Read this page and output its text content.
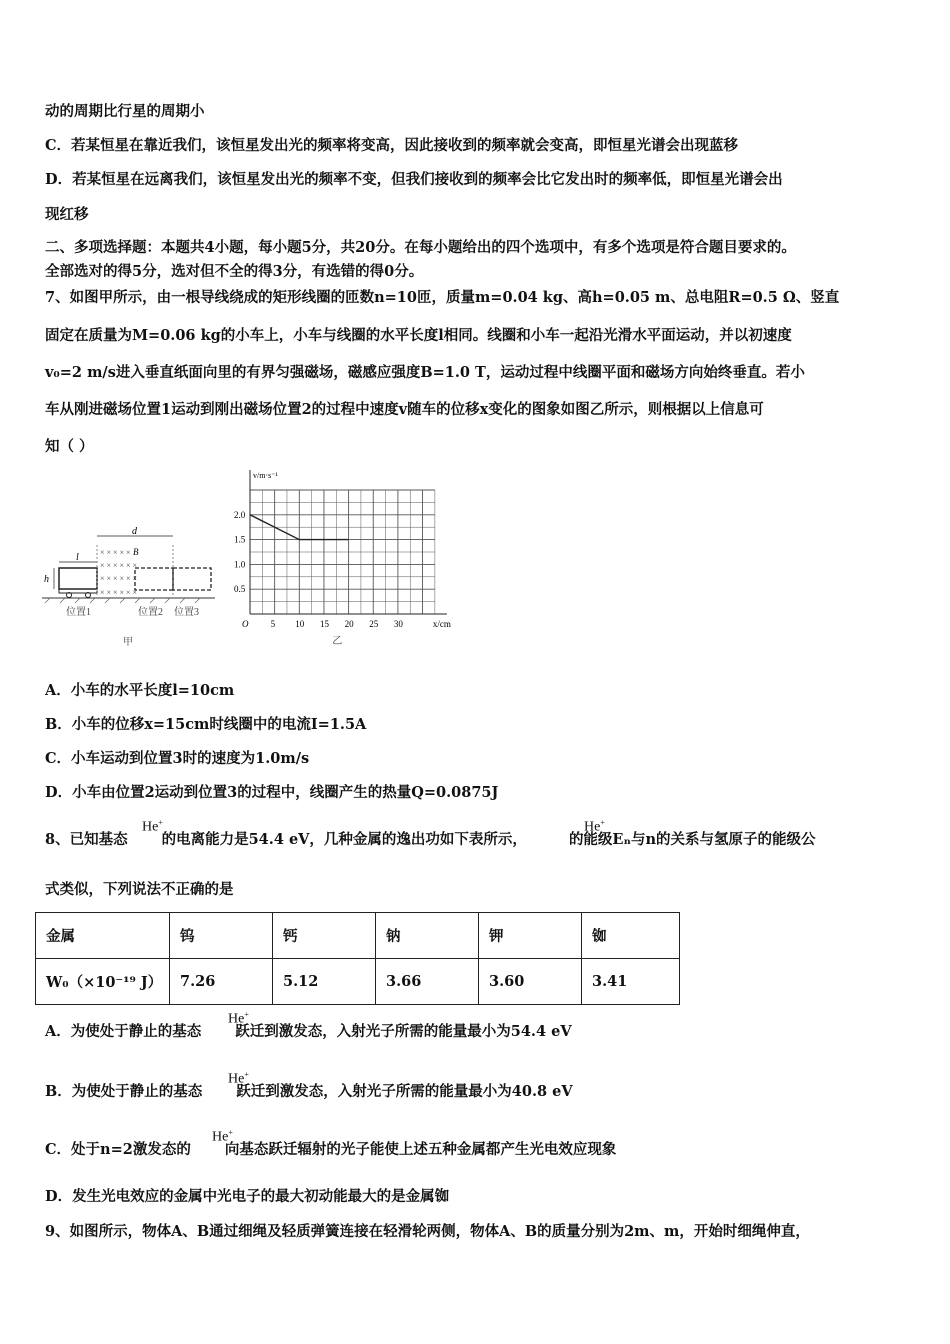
动的周期比行星的周期小
C．若某恒星在靠近我们，该恒星发出光的频率将变高，因此接收到的频率就会变高，即恒星光谱会出现蓝移
D．若某恒星在远离我们，该恒星发出光的频率不变，但我们接收到的频率会比它发出时的频率低，即恒星光谱会出
现红移
二、多项选择题：本题共4小题，每小题5分，共20分。在每小题给出的四个选项中，有多个选项是符合题目要求的。
全部选对的得5分，选对但不全的得3分，有选错的得0分。
7、如图甲所示，由一根导线绕成的矩形线圈的匝数n=10匝，质量m=0.04 kg、高h=0.05 m、总电阻R=0.5 Ω、竖直
固定在质量为M=0.06 kg的小车上，小车与线圈的水平长度l相同。线圈和小车一起沿光滑水平面运动，并以初速度
v₀=2 m/s进入垂直纸面向里的有界匀强磁场，磁感应强度B=1.0 T，运动过程中线圈平面和磁场方向始终垂直。若小
车从刚进磁场位置1运动到刚出磁场位置2的过程中速度v随车的位移x变化的图象如图乙所示，则根据以上信息可
知（ ）
× × × × ×
× × × × × ×
× × × × × ×
× × × × × ×
l
h
d
B
位置1	位置2 位置3
甲
v/m·s⁻¹
x/cm
O
0.5
1.0
1.5
2.0
5 10 15 20 25 30
乙
A．小车的水平长度l=10cm
B．小车的位移x=15cm时线圈中的电流I=1.5A
C．小车运动到位置3时的速度为1.0m/s
D．小车由位置2运动到位置3的过程中，线圈产生的热量Q=0.0875J
8、已知基态 的电离能力是54.4 eV，几种金属的逸出功如下表所示，	的能级Eₙ与n的关系与氢原子的能级公
He+	He+
式类似，下列说法不正确的是
金属	钨	钙	钠	钾	铷
W₀（×10⁻¹⁹ J）	7.26	5.12	3.66	3.60	3.41
A．为使处于静止的基态 跃迁到激发态，入射光子所需的能量最小为54.4 eV
He+
B．为使处于静止的基态 跃迁到激发态，入射光子所需的能量最小为40.8 eV
He+
C．处于n=2激发态的 向基态跃迁辐射的光子能使上述五种金属都产生光电效应现象
He+
D．发生光电效应的金属中光电子的最大初动能最大的是金属铷
9、如图所示，物体A、B通过细绳及轻质弹簧连接在轻滑轮两侧，物体A、B的质量分别为2m、m，开始时细绳伸直，
